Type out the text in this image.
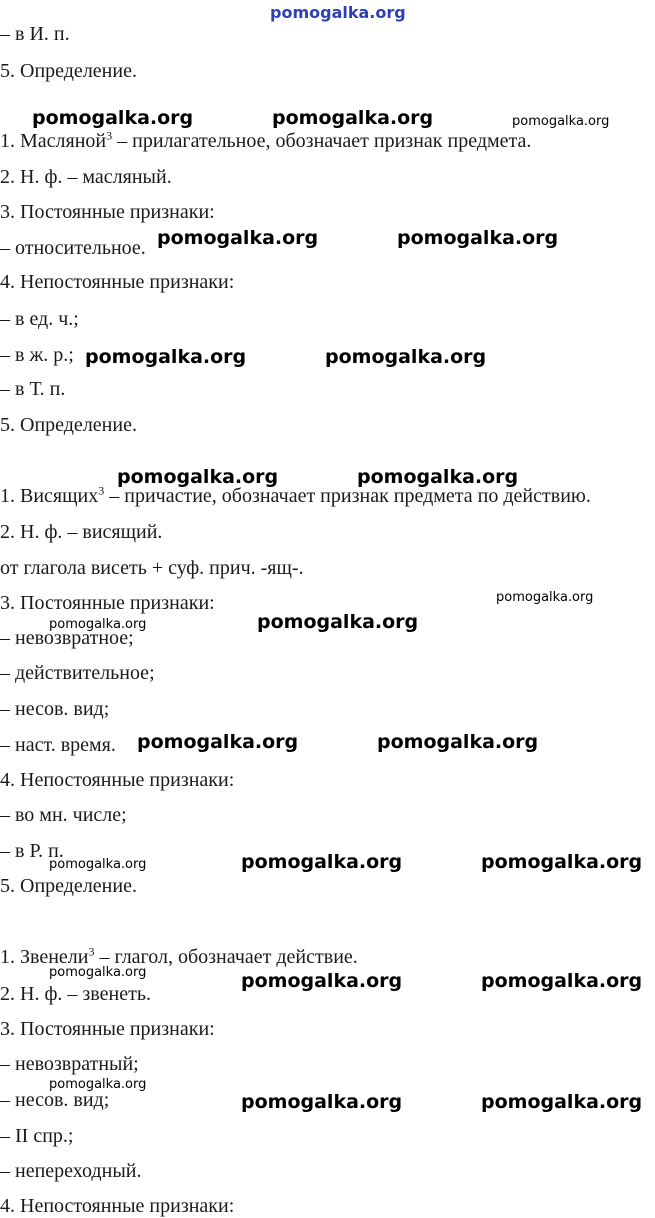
– в И. п.
5. Определение.
1. Масляной$^3$ – прилагательное, обозначает признак предмета.
2. Н. ф. – масляный.
3. Постоянные признаки:
– относительное.
4. Непостоянные признаки:
– в ед. ч.;
– в ж. р.;
– в Т. п.
5. Определение.
1. Висящих$^3$ – причастие, обозначает признак предмета по действию.
2. Н. ф. – висящий.
от глагола висеть + суф. прич. -ящ-.
3. Постоянные признаки:
– невозвратное;
– действительное;
– несов. вид;
– наст. время.
4. Непостоянные признаки:
– во мн. числе;
– в Р. п.
5. Определение.
1. Звенели$^3$ – глагол, обозначает действие.
2. Н. ф. – звенеть.
3. Постоянные признаки:
– невозвратный;
– несов. вид;
– II спр.;
– непереходный.
4. Непостоянные признаки:
pomogalka.org
pomogalka.org	pomogalka.org	pomogalka.org
pomogalka.org	pomogalka.org
pomogalka.org	pomogalka.org
pomogalka.org	pomogalka.org
pomogalka.org
pomogalka.org	pomogalka.org
pomogalka.org	pomogalka.org
pomogalka.org	pomogalka.org	pomogalka.org
pomogalka.org	pomogalka.org	pomogalka.org
pomogalka.org
pomogalka.org	pomogalka.org
